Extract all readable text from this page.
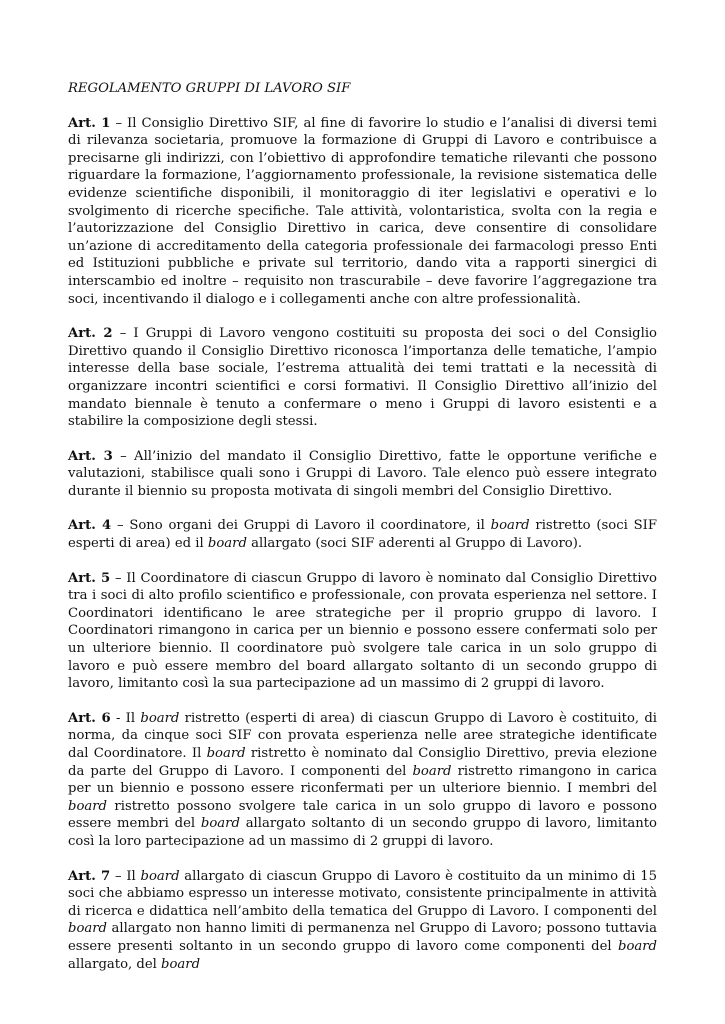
REGOLAMENTO GRUPPI DI LAVORO SIF

Art. 1 – Il Consiglio Direttivo SIF, al fine di favorire lo studio e l’analisi di diversi temi di rilevanza societaria, promuove la formazione di Gruppi di Lavoro e contribuisce a precisarne gli indirizzi, con l’obiettivo di approfondire tematiche rilevanti che possono riguardare la formazione, l’aggiornamento professionale, la revisione sistematica delle evidenze scientifiche disponibili, il monitoraggio di iter legislativi e operativi e lo svolgimento di ricerche specifiche. Tale attività, volontaristica, svolta con la regia e l’autorizzazione del Consiglio Direttivo in carica, deve consentire di consolidare un’azione di accreditamento della categoria professionale dei farmacologi presso Enti ed Istituzioni pubbliche e private sul territorio, dando vita a rapporti sinergici di interscambio ed inoltre – requisito non trascurabile – deve favorire l’aggregazione tra soci, incentivando il dialogo e i collegamenti anche con altre professionalità.

Art. 2 – I Gruppi di Lavoro vengono costituiti su proposta dei soci o del Consiglio Direttivo quando il Consiglio Direttivo riconosca l’importanza delle tematiche, l’ampio interesse della base sociale, l’estrema attualità dei temi trattati e la necessità di organizzare incontri scientifici e corsi formativi. Il Consiglio Direttivo all’inizio del mandato biennale è tenuto a confermare o meno i Gruppi di lavoro esistenti e a stabilire la composizione degli stessi.

Art. 3 – All’inizio del mandato il Consiglio Direttivo, fatte le opportune verifiche e valutazioni, stabilisce quali sono i Gruppi di Lavoro. Tale elenco può essere integrato durante il biennio su proposta motivata di singoli membri del Consiglio Direttivo.

Art. 4 – Sono organi dei Gruppi di Lavoro il coordinatore, il board ristretto (soci SIF esperti di area) ed il board allargato (soci SIF aderenti al Gruppo di Lavoro).

Art. 5 – Il Coordinatore di ciascun Gruppo di lavoro è nominato dal Consiglio Direttivo tra i soci di alto profilo scientifico e professionale, con provata esperienza nel settore. I Coordinatori identificano le aree strategiche per il proprio gruppo di lavoro. I Coordinatori rimangono in carica per un biennio e possono essere confermati solo per un ulteriore biennio. Il coordinatore può svolgere tale carica in un solo gruppo di lavoro e può essere membro del board allargato soltanto di un secondo gruppo di lavoro, limitanto così la sua partecipazione ad un massimo di 2 gruppi di lavoro.

Art. 6 - Il board ristretto (esperti di area) di ciascun Gruppo di Lavoro è costituito, di norma, da cinque soci SIF con provata esperienza nelle aree strategiche identificate dal Coordinatore. Il board ristretto è nominato dal Consiglio Direttivo, previa elezione da parte del Gruppo di Lavoro. I componenti del board ristretto rimangono in carica per un biennio e possono essere riconfermati per un ulteriore biennio. I membri del board ristretto possono svolgere tale carica in un solo gruppo di lavoro e possono essere membri del board allargato soltanto di un secondo gruppo di lavoro, limitanto così la loro partecipazione ad un massimo di 2 gruppi di lavoro.

Art. 7 – Il board allargato di ciascun Gruppo di Lavoro è costituito da un minimo di 15 soci che abbiamo espresso un interesse motivato, consistente principalmente in attività di ricerca e didattica nell’ambito della tematica del Gruppo di Lavoro. I componenti del board allargato non hanno limiti di permanenza nel Gruppo di Lavoro; possono tuttavia essere presenti soltanto in un secondo gruppo di lavoro come componenti del board allargato, del board
